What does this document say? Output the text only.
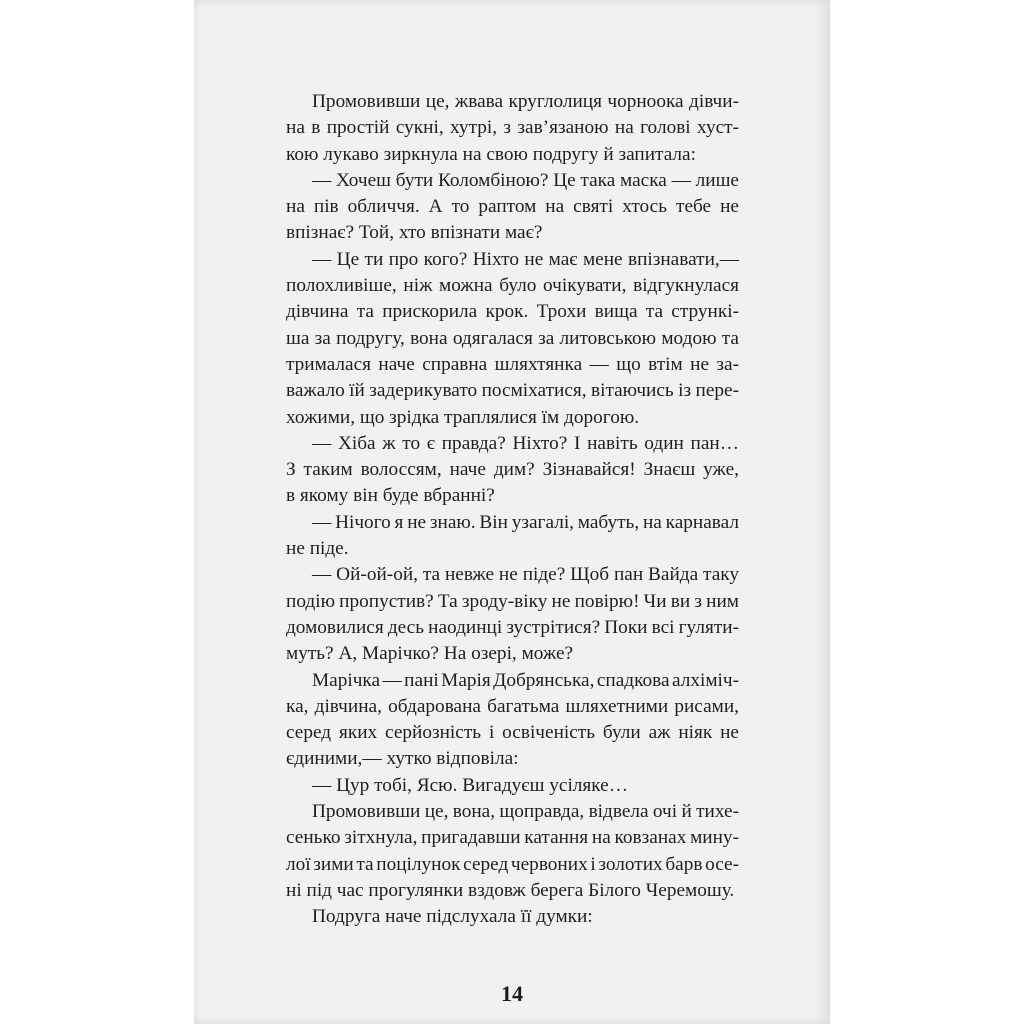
Промовивши це, жвава круглолиця чорноока дівчи-
на в простій сукні, хутрі, з зав’язаною на голові хуст-
кою лукаво зиркнула на свою подругу й запитала:
— Хочеш бути Коломбіною? Це така маска — лише
на пів обличчя. А то раптом на святі хтось тебе не
впізнає? Той, хто впізнати має?
— Це ти про кого? Ніхто не має мене впізнавати,—
полохливіше, ніж можна було очікувати, відгукнулася
дівчина та прискорила крок. Трохи вища та стрункі-
ша за подругу, вона одягалася за литовською модою та
трималася наче справна шляхтянка — що втім не за-
важало їй задерикувато посміхатися, вітаючись із пере-
хожими, що зрідка траплялися їм дорогою.
— Хіба ж то є правда? Ніхто? І навіть один пан…
З таким волоссям, наче дим? Зізнавайся! Знаєш уже,
в якому він буде вбранні?
— Нічого я не знаю. Він узагалі, мабуть, на карнавал
не піде.
— Ой-ой-ой, та невже не піде? Щоб пан Вайда таку
подію пропустив? Та зроду-віку не повірю! Чи ви з ним
домовилися десь наодинці зустрітися? Поки всі гуляти-
муть? А, Марічко? На озері, може?
Марічка — пані Марія Добрянська, спадкова алхіміч-
ка, дівчина, обдарована багатьма шляхетними рисами,
серед яких серйозність і освіченість були аж ніяк не
єдиними,— хутко відповіла:
— Цур тобі, Ясю. Вигадуєш усіляке…
Промовивши це, вона, щоправда, відвела очі й тихе-
сенько зітхнула, пригадавши катання на ковзанах мину-
лої зими та поцілунок серед червоних і золотих барв осе-
ні під час прогулянки вздовж берега Білого Черемошу.
Подруга наче підслухала її думки:
14
